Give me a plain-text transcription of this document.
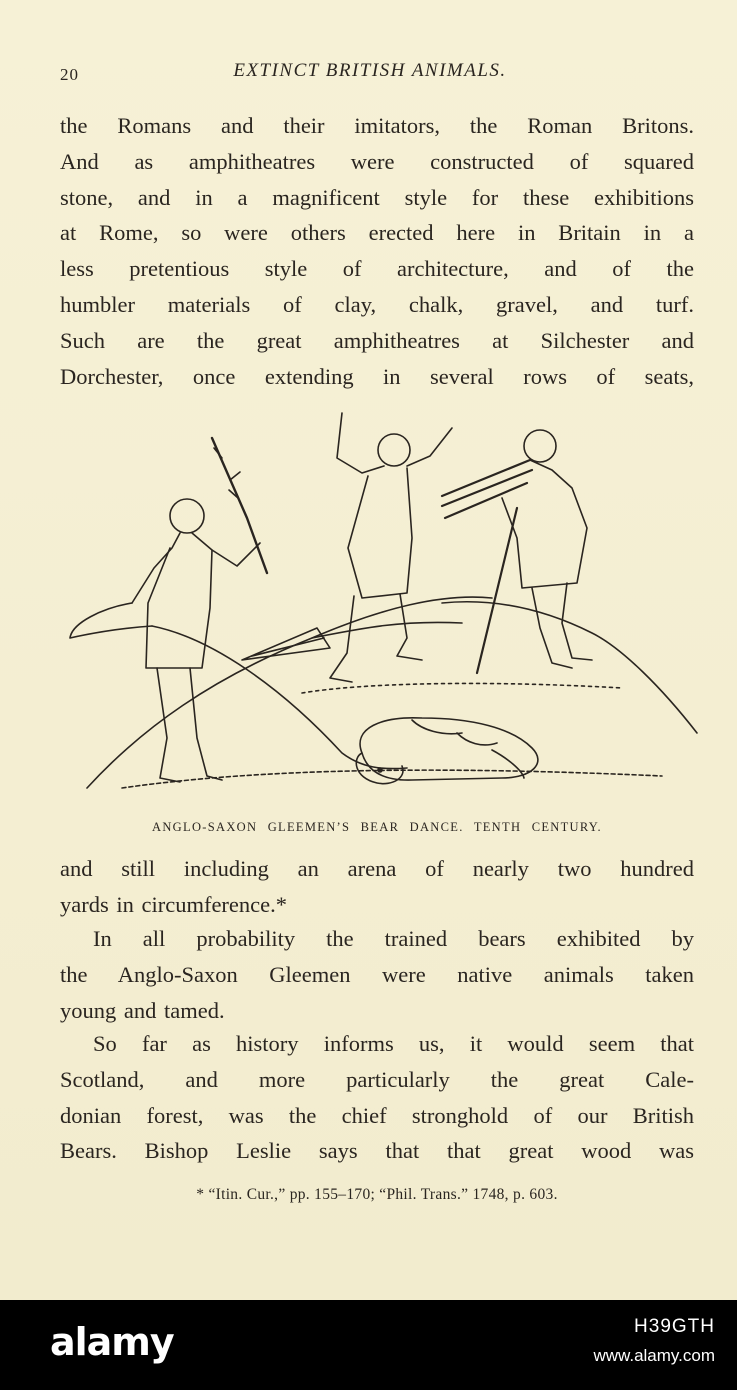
20	EXTINCT BRITISH ANIMALS.
the Romans and their imitators, the Roman Britons.
And as amphitheatres were constructed of squared
stone, and in a magnificent style for these exhibitions
at Rome, so were others erected here in Britain in a
less pretentious style of architecture, and of the
humbler materials of clay, chalk, gravel, and turf.
Such are the great amphitheatres at Silchester and
Dorchester, once extending in several rows of seats,
ANGLO-SAXON GLEEMEN’S BEAR DANCE. TENTH CENTURY.
and still including an arena of nearly two hundred
yards in circumference.*
In all probability the trained bears exhibited by
the Anglo-Saxon Gleemen were native animals taken
young and tamed.
So far as history informs us, it would seem that
Scotland, and more particularly the great Cale-
donian forest, was the chief stronghold of our British
Bears. Bishop Leslie says that that great wood was
* “Itin. Cur.,” pp. 155–170; “Phil. Trans.” 1748, p. 603.
alamy	H39GTH
www.alamy.com
